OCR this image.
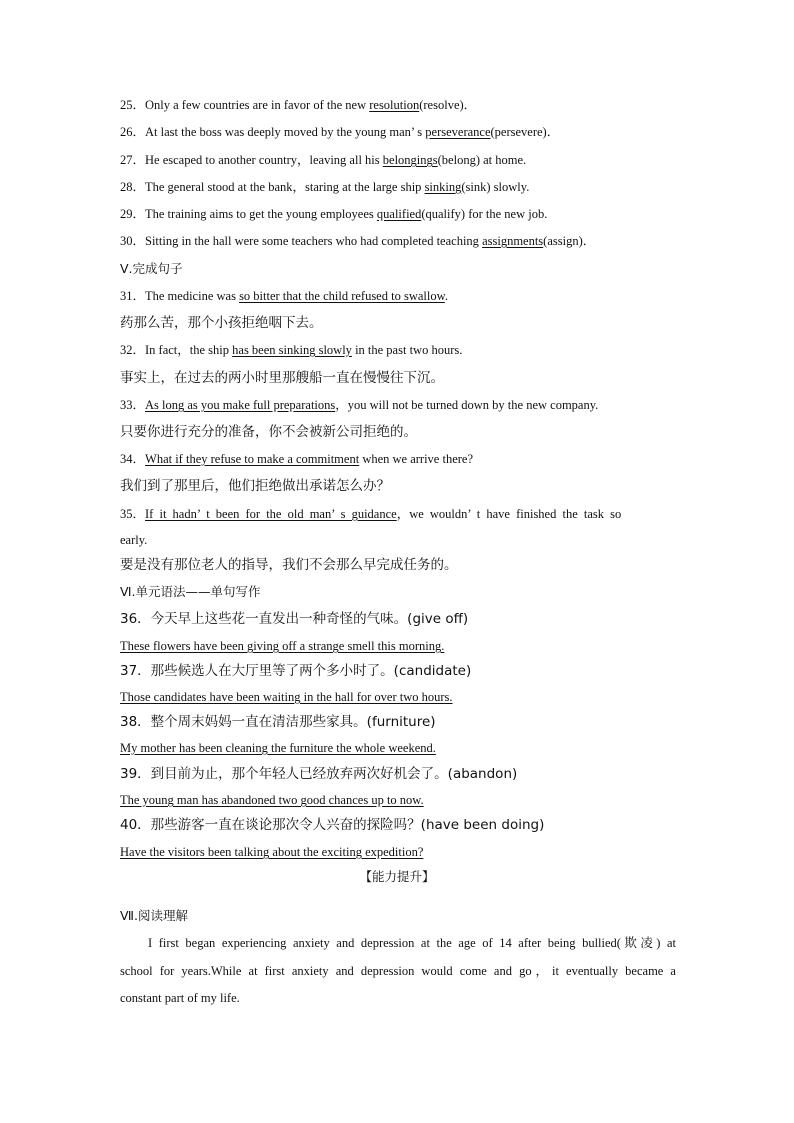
25．Only a few countries are in favor of the new resolution(resolve)．
26．At last the boss was deeply moved by the young man’ s perseverance(persevere)．
27．He escaped to another country，leaving all his belongings(belong) at home.
28．The general stood at the bank，staring at the large ship sinking(sink) slowly.
29．The training aims to get the young employees qualified(qualify) for the new job.
30．Sitting in the hall were some teachers who had completed teaching assignments(assign)．
Ⅴ.完成句子
31．The medicine was so bitter that the child refused to swallow.
药那么苦，那个小孩拒绝咽下去。
32．In fact，the ship has been sinking slowly in the past two hours.
事实上，在过去的两小时里那艘船一直在慢慢往下沉。
33．As long as you make full preparations，you will not be turned down by the new company.
只要你进行充分的准备，你不会被新公司拒绝的。
34．What if they refuse to make a commitment when we arrive there?
我们到了那里后，他们拒绝做出承诺怎么办？
35．If it hadn’ t been for the old man’ s guidance，we wouldn’ t have finished the task so
early.
要是没有那位老人的指导，我们不会那么早完成任务的。
Ⅵ.单元语法——单句写作
36．今天早上这些花一直发出一种奇怪的气味。(give off)
These flowers have been giving off a strange smell this morning.
37．那些候选人在大厅里等了两个多小时了。(candidate)
Those candidates have been waiting in the hall for over two hours.
38．整个周末妈妈一直在清洁那些家具。(furniture)
My mother has been cleaning the furniture the whole weekend.
39．到目前为止，那个年轻人已经放弃两次好机会了。(abandon)
The young man has abandoned two good chances up to now.
40．那些游客一直在谈论那次令人兴奋的探险吗？(have been doing)
Have the visitors been talking about the exciting expedition?
【能力提升】
Ⅶ.阅读理解
I first began experiencing anxiety and depression at the age of 14 after being bullied(欺凌) at
school for years.While at first anxiety and depression would come and go，it eventually became a
constant part of my life.
